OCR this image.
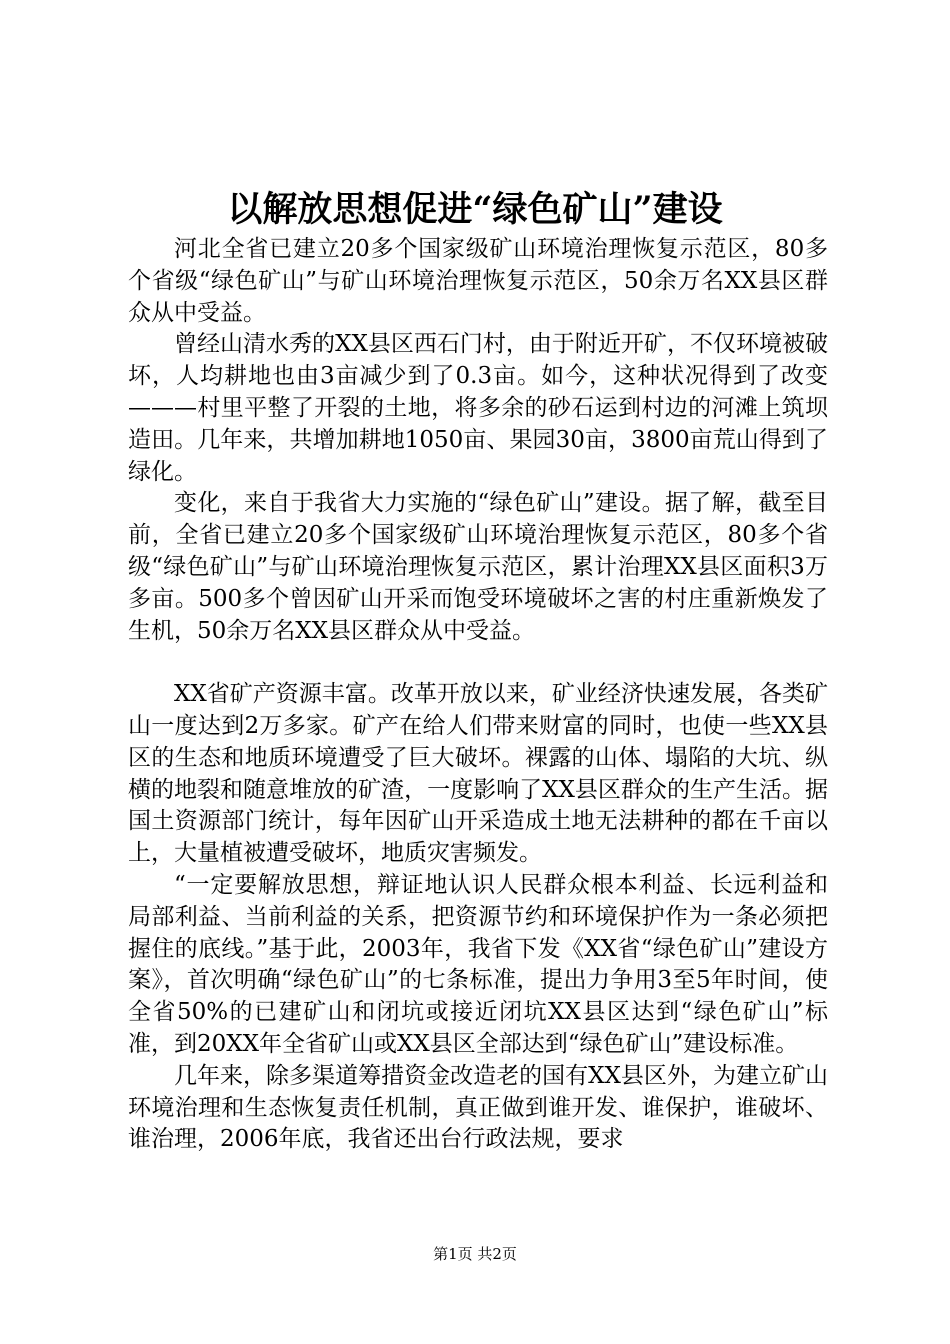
以解放思想促进“绿色矿山”建设

河北全省已建立20多个国家级矿山环境治理恢复示范区，80多个省级“绿色矿山”与矿山环境治理恢复示范区，50余万名XX县区群众从中受益。

曾经山清水秀的XX县区西石门村，由于附近开矿，不仅环境被破坏，人均耕地也由3亩减少到了0.3亩。如今，这种状况得到了改变———村里平整了开裂的土地，将多余的砂石运到村边的河滩上筑坝造田。几年来，共增加耕地1050亩、果园30亩，3800亩荒山得到了绿化。

变化，来自于我省大力实施的“绿色矿山”建设。据了解，截至目前，全省已建立20多个国家级矿山环境治理恢复示范区，80多个省级“绿色矿山”与矿山环境治理恢复示范区，累计治理XX县区面积3万多亩。500多个曾因矿山开采而饱受环境破坏之害的村庄重新焕发了生机，50余万名XX县区群众从中受益。

XX省矿产资源丰富。改革开放以来，矿业经济快速发展，各类矿山一度达到2万多家。矿产在给人们带来财富的同时，也使一些XX县区的生态和地质环境遭受了巨大破坏。裸露的山体、塌陷的大坑、纵横的地裂和随意堆放的矿渣，一度影响了XX县区群众的生产生活。据国土资源部门统计，每年因矿山开采造成土地无法耕种的都在千亩以上，大量植被遭受破坏，地质灾害频发。

“一定要解放思想，辩证地认识人民群众根本利益、长远利益和局部利益、当前利益的关系，把资源节约和环境保护作为一条必须把握住的底线。”基于此，2003年，我省下发《XX省“绿色矿山”建设方案》，首次明确“绿色矿山”的七条标准，提出力争用3至5年时间，使全省50%的已建矿山和闭坑或接近闭坑XX县区达到“绿色矿山”标准，到20XX年全省矿山或XX县区全部达到“绿色矿山”建设标准。

几年来，除多渠道筹措资金改造老的国有XX县区外，为建立矿山环境治理和生态恢复责任机制，真正做到谁开发、谁保护，谁破坏、谁治理，2006年底，我省还出台行政法规，要求

第1页 共2页
